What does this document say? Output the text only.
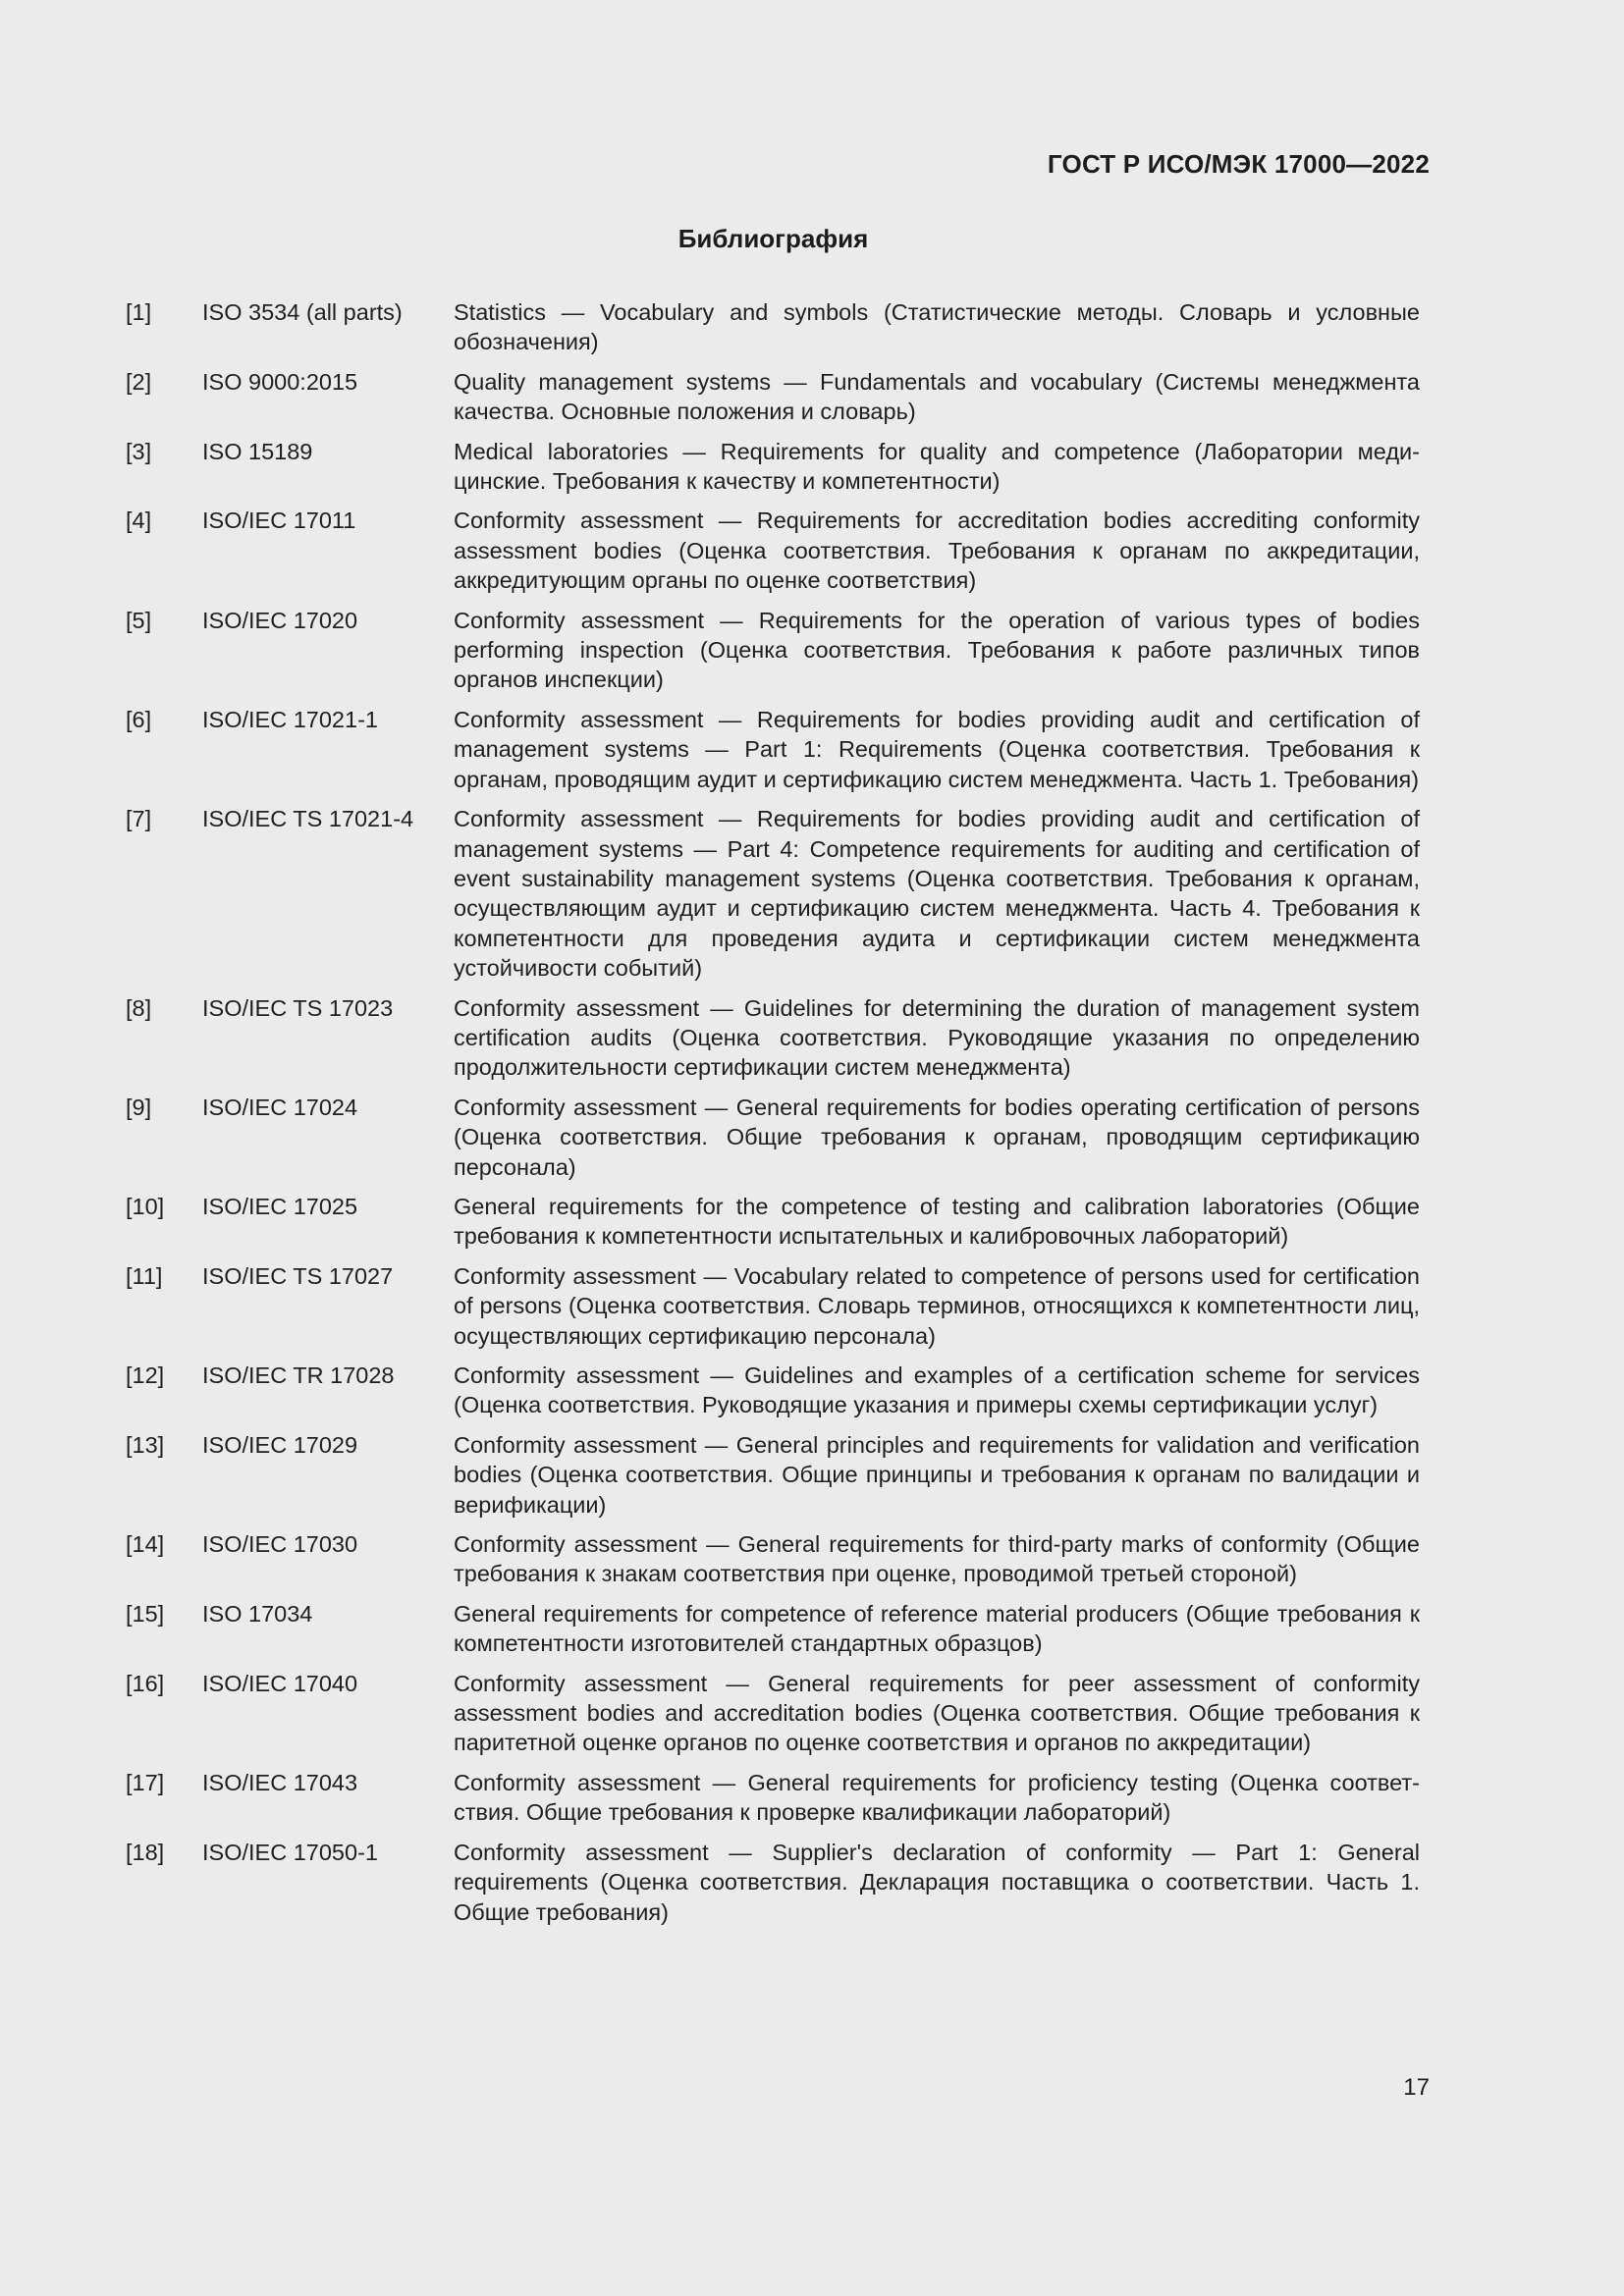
ГОСТ Р ИСО/МЭК 17000—2022
Библиография
[1]	ISO 3534 (all parts)	Statistics — Vocabulary and symbols (Статистические методы. Словарь и условные обозначения)
[2]	ISO 9000:2015	Quality management systems — Fundamentals and vocabulary (Системы менеджмента качества. Основные положения и словарь)
[3]	ISO 15189	Medical laboratories — Requirements for quality and competence (Лаборатории медицинские. Требования к качеству и компетентности)
[4]	ISO/IEC 17011	Conformity assessment — Requirements for accreditation bodies accrediting conformity assessment bodies (Оценка соответствия. Требования к органам по аккредитации, аккредитующим органы по оценке соответствия)
[5]	ISO/IEC 17020	Conformity assessment — Requirements for the operation of various types of bodies performing inspection (Оценка соответствия. Требования к работе различных типов органов инспекции)
[6]	ISO/IEC 17021-1	Conformity assessment — Requirements for bodies providing audit and certification of management systems — Part 1: Requirements (Оценка соответствия. Требования к органам, проводящим аудит и сертификацию систем менеджмента. Часть 1. Требования)
[7]	ISO/IEC TS 17021-4	Conformity assessment — Requirements for bodies providing audit and certification of management systems — Part 4: Competence requirements for auditing and certification of event sustainability management systems (Оценка соответствия. Требования к органам, осуществляющим аудит и сертификацию систем менеджмента. Часть 4. Требования к компетентности для проведения аудита и сертификации систем менеджмента устойчивости событий)
[8]	ISO/IEC TS 17023	Conformity assessment — Guidelines for determining the duration of management system certification audits (Оценка соответствия. Руководящие указания по определению продолжительности сертификации систем менеджмента)
[9]	ISO/IEC 17024	Conformity assessment — General requirements for bodies operating certification of persons (Оценка соответствия. Общие требования к органам, проводящим сертификацию персонала)
[10]	ISO/IEC 17025	General requirements for the competence of testing and calibration laboratories (Общие требования к компетентности испытательных и калибровочных лабораторий)
[11]	ISO/IEC TS 17027	Conformity assessment — Vocabulary related to competence of persons used for certification of persons (Оценка соответствия. Словарь терминов, относящихся к компетентности лиц, осуществляющих сертификацию персонала)
[12]	ISO/IEC TR 17028	Conformity assessment — Guidelines and examples of a certification scheme for services (Оценка соответствия. Руководящие указания и примеры схемы сертификации услуг)
[13]	ISO/IEC 17029	Conformity assessment — General principles and requirements for validation and verification bodies (Оценка соответствия. Общие принципы и требования к органам по валидации и верификации)
[14]	ISO/IEC 17030	Conformity assessment — General requirements for third-party marks of conformity (Общие требования к знакам соответствия при оценке, проводимой третьей стороной)
[15]	ISO 17034	General requirements for competence of reference material producers (Общие требования к компетентности изготовителей стандартных образцов)
[16]	ISO/IEC 17040	Conformity assessment — General requirements for peer assessment of conformity assessment bodies and accreditation bodies (Оценка соответствия. Общие требования к паритетной оценке органов по оценке соответствия и органов по аккредитации)
[17]	ISO/IEC 17043	Conformity assessment — General requirements for proficiency testing (Оценка соответствия. Общие требования к проверке квалификации лабораторий)
[18]	ISO/IEC 17050-1	Conformity assessment — Supplier's declaration of conformity — Part 1: General requirements (Оценка соответствия. Декларация поставщика о соответствии. Часть 1. Общие требования)
17
